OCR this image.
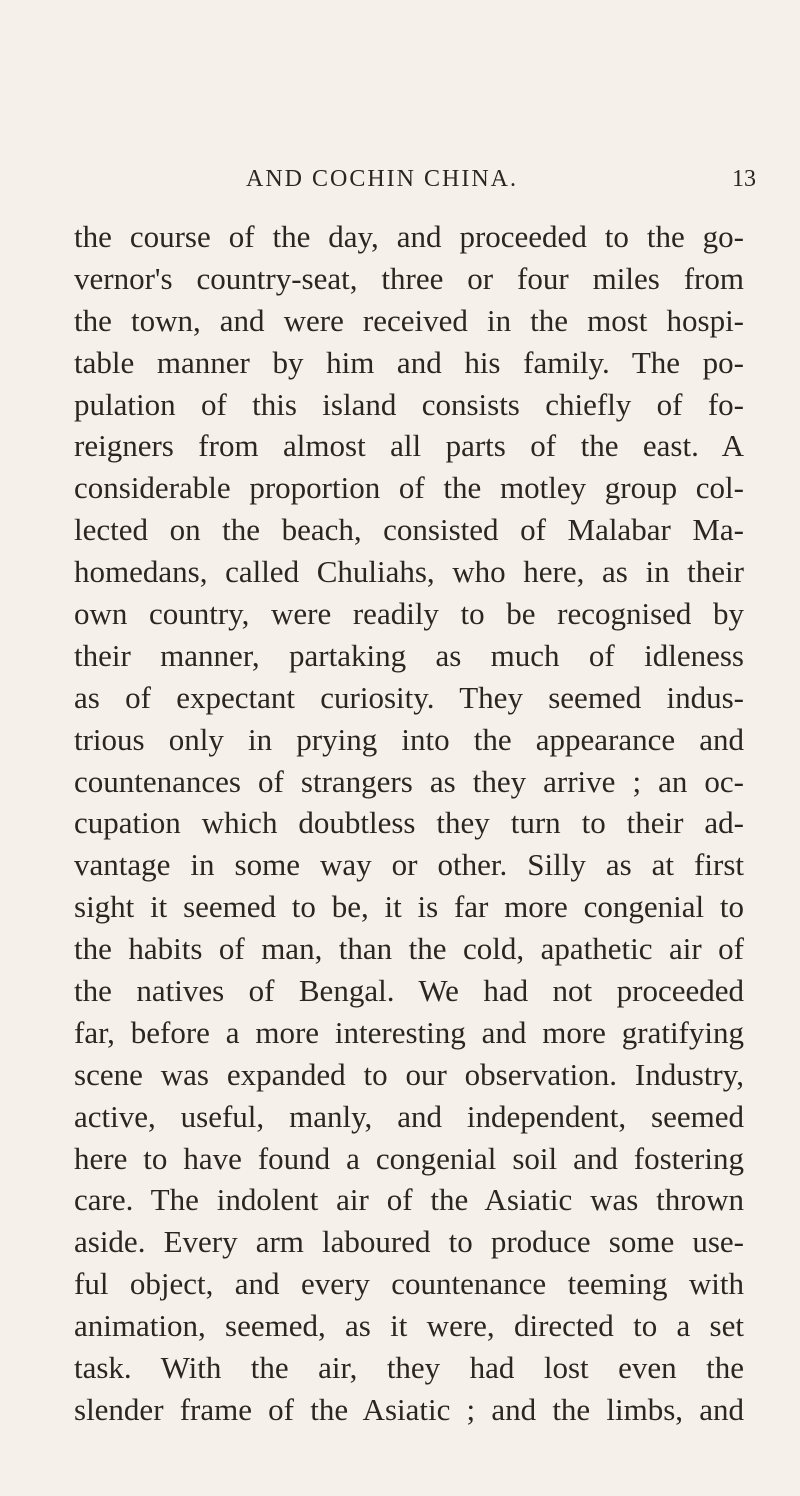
AND COCHIN CHINA.	13
the course of the day, and proceeded to the go-
vernor's country-seat, three or four miles from
the town, and were received in the most hospi-
table manner by him and his family. The po-
pulation of this island consists chiefly of fo-
reigners from almost all parts of the east. A
considerable proportion of the motley group col-
lected on the beach, consisted of Malabar Ma-
homedans, called Chuliahs, who here, as in their
own country, were readily to be recognised by
their manner, partaking as much of idleness
as of expectant curiosity. They seemed indus-
trious only in prying into the appearance and
countenances of strangers as they arrive ; an oc-
cupation which doubtless they turn to their ad-
vantage in some way or other. Silly as at first
sight it seemed to be, it is far more congenial to
the habits of man, than the cold, apathetic air of
the natives of Bengal. We had not proceeded
far, before a more interesting and more gratifying
scene was expanded to our observation. Industry,
active, useful, manly, and independent, seemed
here to have found a congenial soil and fostering
care. The indolent air of the Asiatic was thrown
aside. Every arm laboured to produce some use-
ful object, and every countenance teeming with
animation, seemed, as it were, directed to a set
task. With the air, they had lost even the
slender frame of the Asiatic ; and the limbs, and
